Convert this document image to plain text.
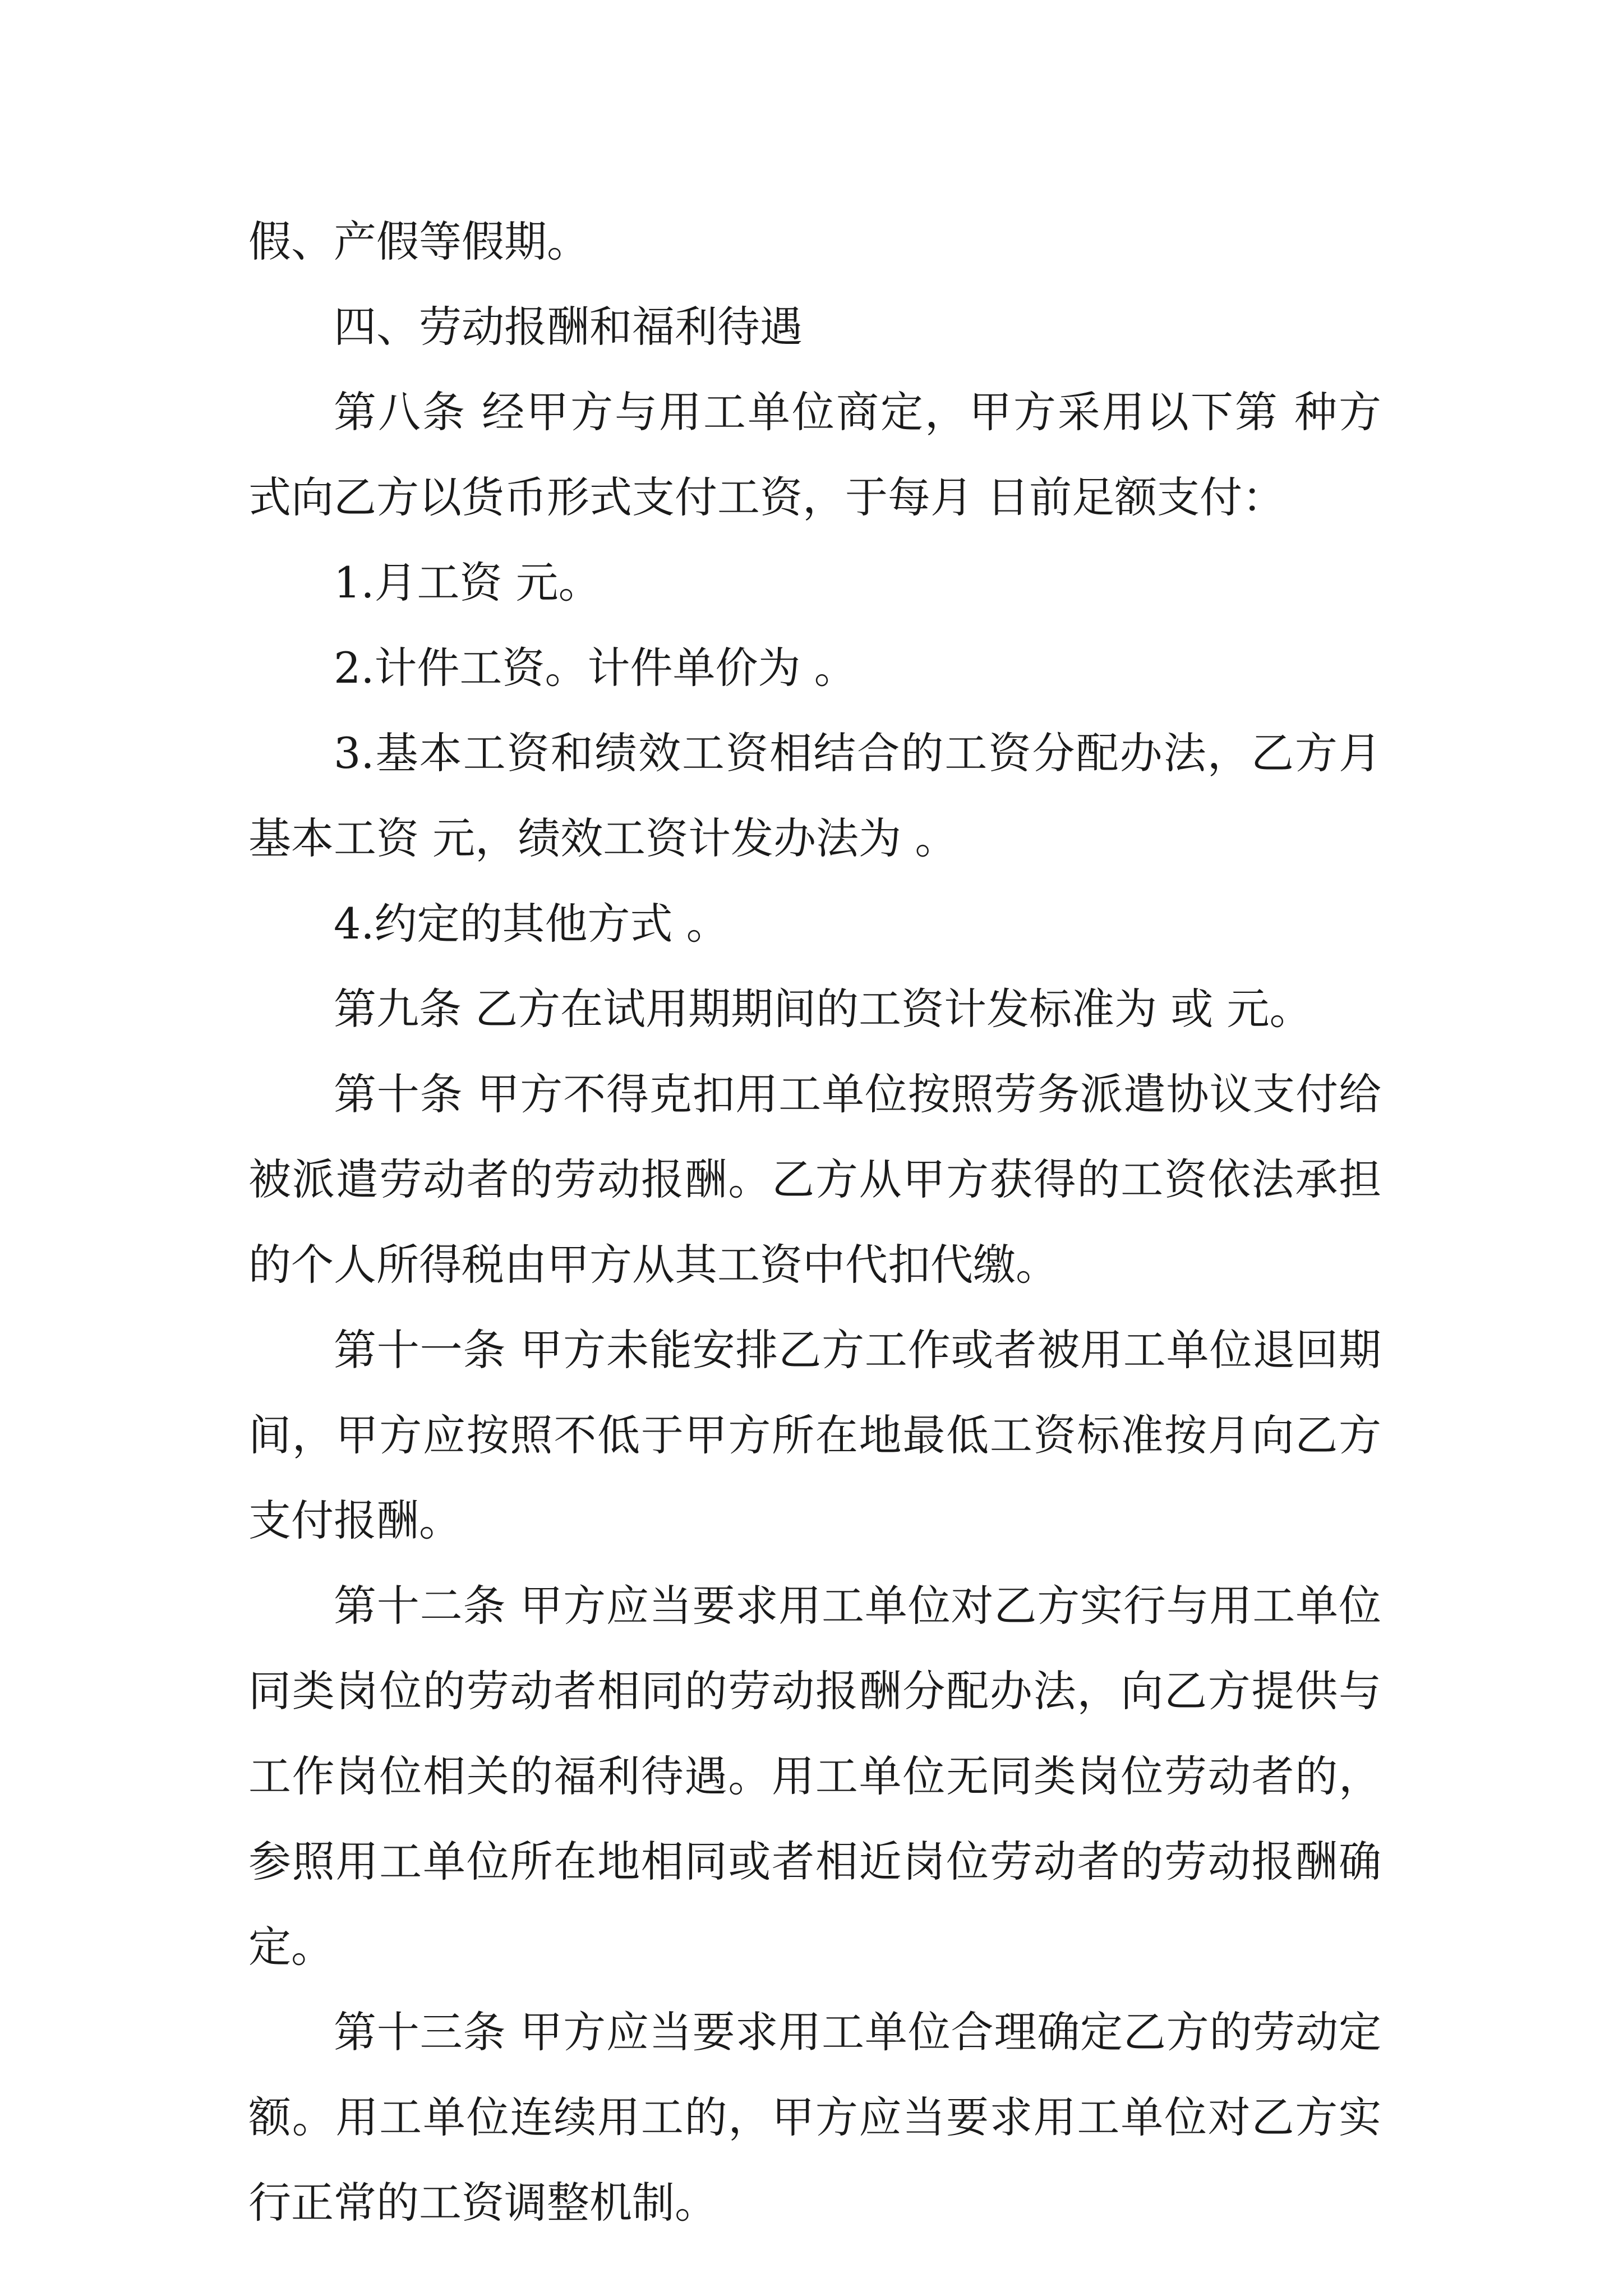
假、产假等假期。

四、劳动报酬和福利待遇

第八条 经甲方与用工单位商定，甲方采用以下第 种方式向乙方以货币形式支付工资，于每月 日前足额支付：

1.月工资 元。

2.计件工资。计件单价为 。

3.基本工资和绩效工资相结合的工资分配办法，乙方月基本工资 元，绩效工资计发办法为 。

4.约定的其他方式 。

第九条 乙方在试用期期间的工资计发标准为 或 元。

第十条 甲方不得克扣用工单位按照劳务派遣协议支付给被派遣劳动者的劳动报酬。乙方从甲方获得的工资依法承担的个人所得税由甲方从其工资中代扣代缴。

第十一条 甲方未能安排乙方工作或者被用工单位退回期间，甲方应按照不低于甲方所在地最低工资标准按月向乙方支付报酬。

第十二条 甲方应当要求用工单位对乙方实行与用工单位同类岗位的劳动者相同的劳动报酬分配办法，向乙方提供与工作岗位相关的福利待遇。用工单位无同类岗位劳动者的，参照用工单位所在地相同或者相近岗位劳动者的劳动报酬确定。

第十三条 甲方应当要求用工单位合理确定乙方的劳动定额。用工单位连续用工的，甲方应当要求用工单位对乙方实行正常的工资调整机制。
